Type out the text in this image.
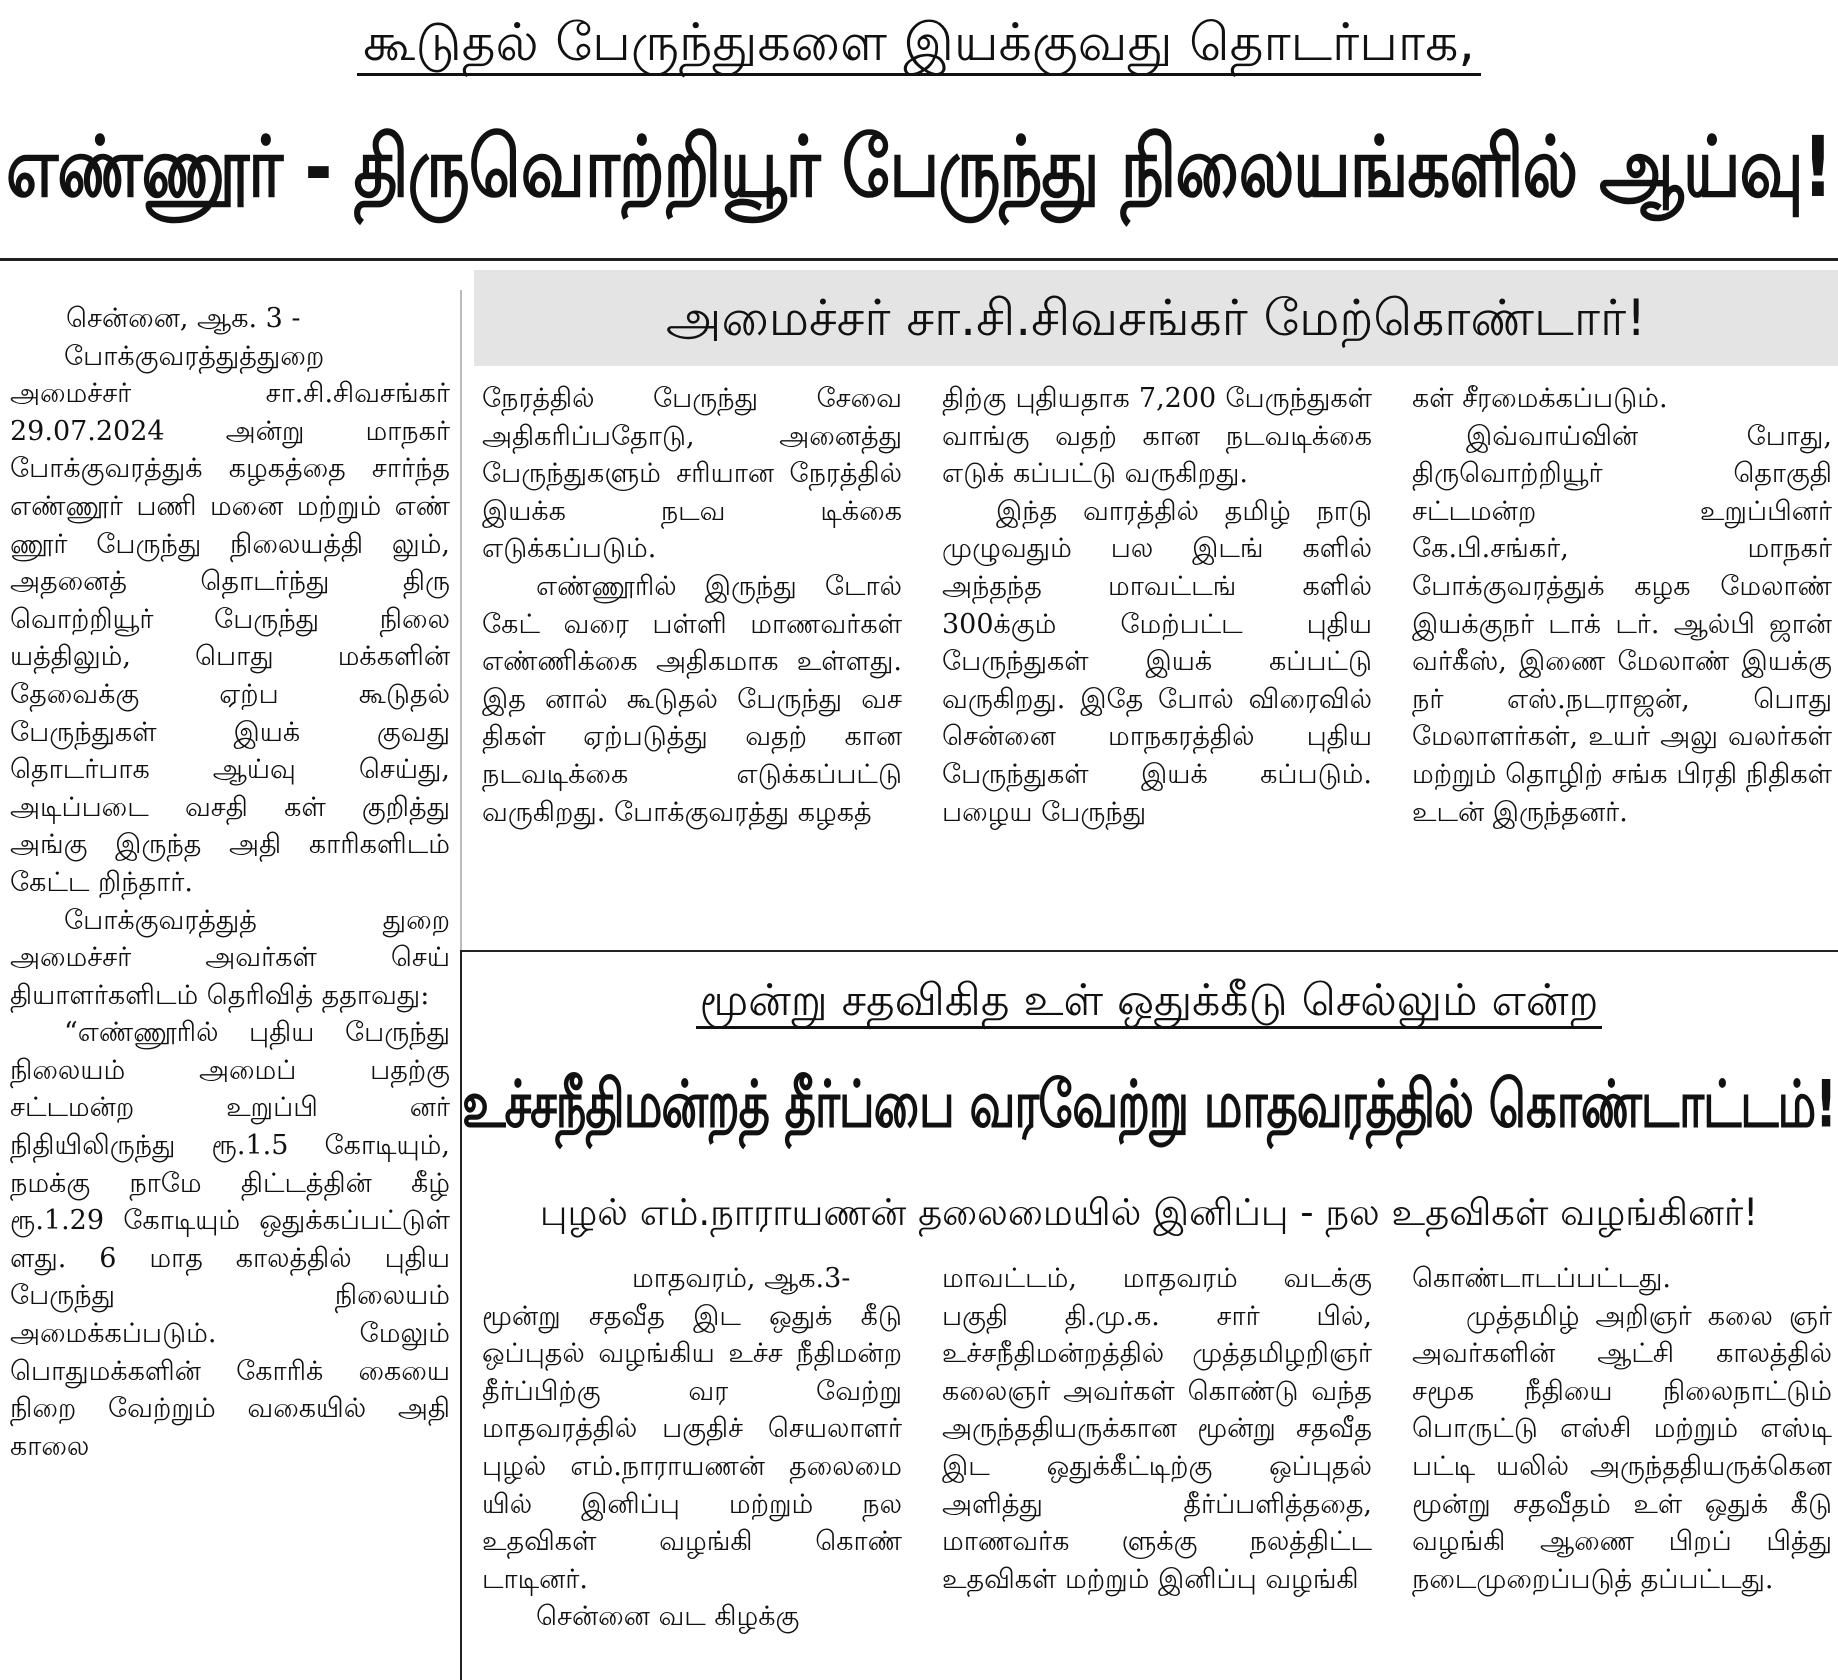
கூடுதல் பேருந்துகளை இயக்குவது தொடர்பாக,
எண்ணூர் - திருவொற்றியூர் பேருந்து நிலையங்களில் ஆய்வு!
அமைச்சர் சா.சி.சிவசங்கர் மேற்கொண்டார்!

சென்னை, ஆக. 3 -

போக்குவரத்துத்துறை அமைச்சர் சா.சி.சிவசங்கர் 29.07.2024 அன்று மாநகர் போக்குவரத்துக் கழகத்தை சார்ந்த எண்ணூர் பணி மனை மற்றும் எண் ணூர் பேருந்து நிலையத்தி லும், அதனைத் தொடர்ந்து திரு வொற்றியூர் பேருந்து நிலை யத்திலும், பொது மக்களின் தேவைக்கு ஏற்ப கூடுதல் பேருந்துகள் இயக் குவது தொடர்பாக ஆய்வு செய்து, அடிப்படை வசதி கள் குறித்து அங்கு இருந்த அதி காரிகளிடம் கேட்ட றிந்தார்.

போக்குவரத்துத் துறை அமைச்சர் அவர்கள் செய் தியாளர்களிடம் தெரிவித் ததாவது:

“எண்ணூரில் புதிய பேருந்து நிலையம் அமைப் பதற்கு சட்டமன்ற உறுப்பி னர் நிதியிலிருந்து ரூ.1.5 கோடியும், நமக்கு நாமே திட்டத்தின் கீழ் ரூ.1.29 கோடியும் ஒதுக்கப்பட்டுள் ளது. 6 மாத காலத்தில் புதிய பேருந்து நிலையம் அமைக்கப்படும். மேலும் பொதுமக்களின் கோரிக் கையை நிறை வேற்றும் வகையில் அதி காலை

நேரத்தில் பேருந்து சேவை அதிகரிப்பதோடு, அனைத்து பேருந்துகளும் சரியான நேரத்தில் இயக்க நடவ டிக்கை எடுக்கப்படும்.

எண்ணூரில் இருந்து டோல் கேட் வரை பள்ளி மாணவர்கள் எண்ணிக்கை அதிகமாக உள்ளது. இத னால் கூடுதல் பேருந்து வச திகள் ஏற்படுத்து வதற் கான நடவடிக்கை எடுக்கப்பட்டு வருகிறது. போக்குவரத்து கழகத்

திற்கு புதியதாக 7,200 பேருந்துகள் வாங்கு வதற் கான நடவடிக்கை எடுக் கப்பட்டு வருகிறது.

இந்த வாரத்தில் தமிழ் நாடு முழுவதும் பல இடங் களில் அந்தந்த மாவட்டங் களில் 300க்கும் மேற்பட்ட புதிய பேருந்துகள் இயக் கப்பட்டு வருகிறது. இதே போல் விரைவில் சென்னை மாநகரத்தில் புதிய பேருந்துகள் இயக் கப்படும். பழைய பேருந்து

கள் சீரமைக்கப்படும்.

இவ்வாய்வின் போது, திருவொற்றியூர் தொகுதி சட்டமன்ற உறுப்பினர் கே.பி.சங்கர், மாநகர் போக்குவரத்துக் கழக மேலாண் இயக்குநர் டாக் டர். ஆல்பி ஜான் வர்கீஸ், இணை மேலாண் இயக்கு நர் எஸ்.நடராஜன், பொது மேலாளர்கள், உயர் அலு வலர்கள் மற்றும் தொழிற் சங்க பிரதி நிதிகள் உடன் இருந்தனர்.

மூன்று சதவிகித உள் ஒதுக்கீடு செல்லும் என்ற
உச்சநீதிமன்றத் தீர்ப்பை வரவேற்று மாதவரத்தில் கொண்டாட்டம்!
புழல் எம்.நாராயணன் தலைமையில் இனிப்பு - நல உதவிகள் வழங்கினர்!

மாதவரம், ஆக.3-

மூன்று சதவீத இட ஒதுக் கீடு ஒப்புதல் வழங்கிய உச்ச நீதிமன்ற தீர்ப்பிற்கு வர வேற்று மாதவரத்தில் பகுதிச் செயலாளர் புழல் எம்.நாராயணன் தலைமை யில் இனிப்பு மற்றும் நல உதவிகள் வழங்கி கொண் டாடினர்.

சென்னை வட கிழக்கு

மாவட்டம், மாதவரம் வடக்கு பகுதி தி.மு.க. சார் பில், உச்சநீதிமன்றத்தில் முத்தமிழறிஞர் கலைஞர் அவர்கள் கொண்டு வந்த அருந்ததியருக்கான மூன்று சதவீத இட ஒதுக்கீட்டிற்கு ஒப்புதல் அளித்து தீர்ப்பளித்ததை, மாணவர்க ளுக்கு நலத்திட்ட உதவிகள் மற்றும் இனிப்பு வழங்கி

கொண்டாடப்பட்டது.

முத்தமிழ் அறிஞர் கலை ஞர் அவர்களின் ஆட்சி காலத்தில் சமூக நீதியை நிலைநாட்டும் பொருட்டு எஸ்சி மற்றும் எஸ்டி பட்டி யலில் அருந்ததியருக்கென மூன்று சதவீதம் உள் ஒதுக் கீடு வழங்கி ஆணை பிறப் பித்து நடைமுறைப்படுத் தப்பட்டது.
